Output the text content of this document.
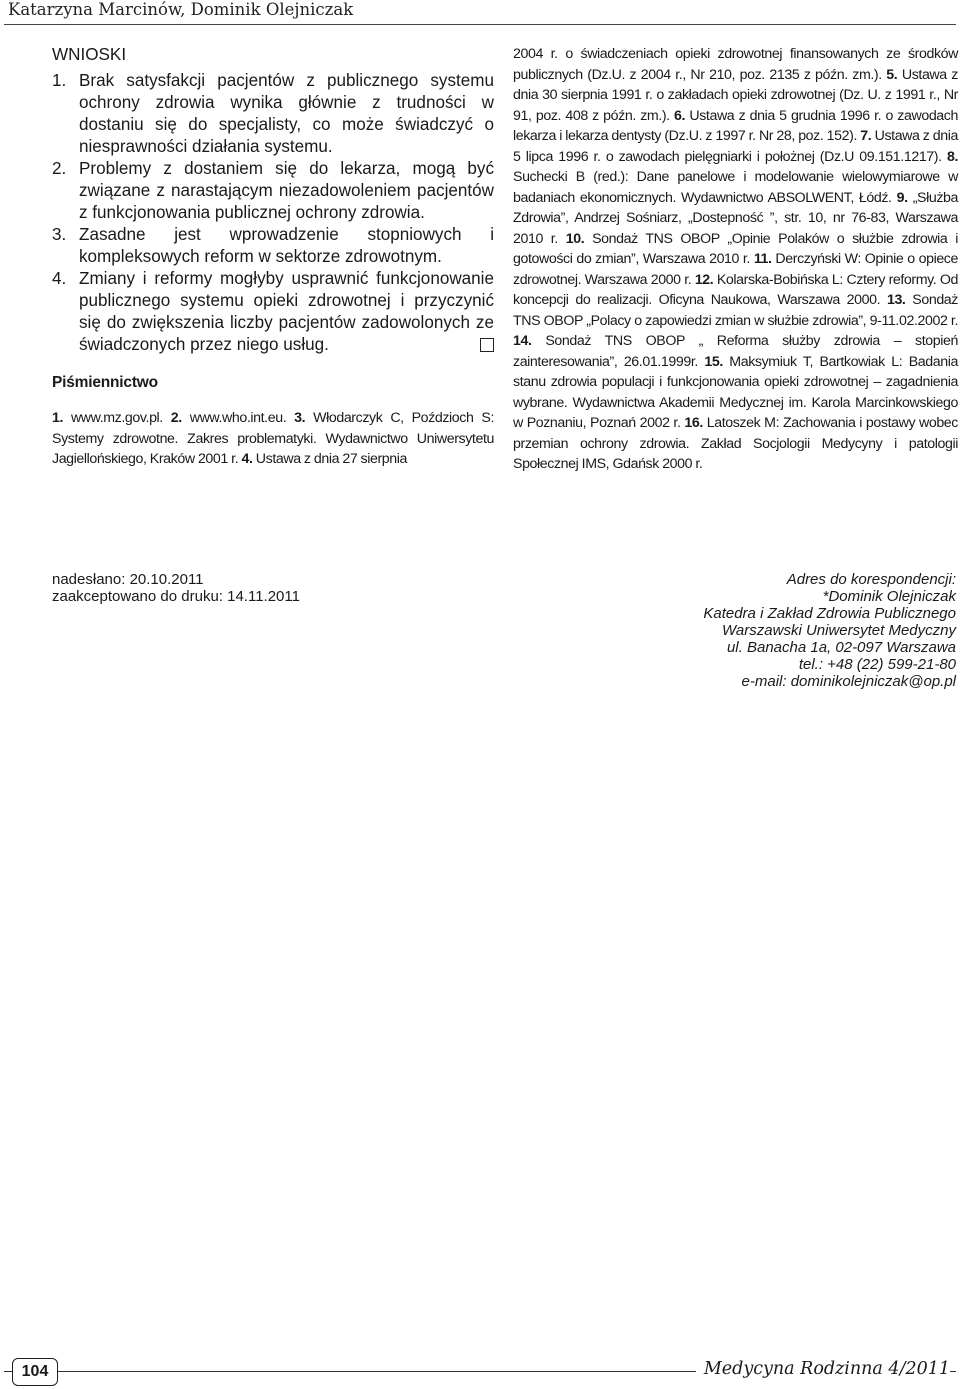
Katarzyna Marcinów, Dominik Olejniczak
WNIOSKI

1. Brak satysfakcji pacjentów z publicznego systemu ochrony zdrowia wynika głównie z trudności w dostaniu się do specjalisty, co może świadczyć o niesprawności działania systemu.

2. Problemy z dostaniem się do lekarza, mogą być związane z narastającym niezadowoleniem pacjentów z funkcjonowania publicznej ochrony zdrowia.

3. Zasadne jest wprowadzenie stopniowych i kompleksowych reform w sektorze zdrowotnym.

4. Zmiany i reformy mogłyby usprawnić funkcjonowanie publicznego systemu opieki zdrowotnej i przyczynić się do zwiększenia liczby pacjentów zadowolonych ze świadczonych przez niego usług.

Piśmiennictwo
1. www.mz.gov.pl. 2. www.who.int.eu. 3. Włodarczyk C, Poździoch S: Systemy zdrowotne. Zakres problematyki. Wydawnictwo Uniwersytetu Jagiellońskiego, Kraków 2001 r. 4. Ustawa z dnia 27 sierpnia
2004 r. o świadczeniach opieki zdrowotnej finansowanych ze środków publicznych (Dz.U. z 2004 r., Nr 210, poz. 2135 z późn. zm.). 5. Ustawa z dnia 30 sierpnia 1991 r. o zakładach opieki zdrowotnej (Dz. U. z 1991 r., Nr 91, poz. 408 z późn. zm.). 6. Ustawa z dnia 5 grudnia 1996 r. o zawodach lekarza i lekarza dentysty (Dz.U. z 1997 r. Nr 28, poz. 152). 7. Ustawa z dnia 5 lipca 1996 r. o zawodach pielęgniarki i położnej (Dz.U 09.151.1217). 8. Suchecki B (red.): Dane panelowe i modelowanie wielowymiarowe w badaniach ekonomicznych. Wydawnictwo ABSOLWENT, Łódź. 9. „Służba Zdrowia”, Andrzej Sośniarz, „Dostepność ”, str. 10, nr 76-83, Warszawa 2010 r. 10. Sondaż TNS OBOP „Opinie Polaków o służbie zdrowia i gotowości do zmian”, Warszawa 2010 r. 11. Derczyński W: Opinie o opiece zdrowotnej. Warszawa 2000 r. 12. Kolarska-Bobińska L: Cztery reformy. Od koncepcji do realizacji. Oficyna Naukowa, Warszawa 2000. 13. Sondaż TNS OBOP „Polacy o zapowiedzi zmian w służbie zdrowia”, 9-11.02.2002 r. 14. Sondaż TNS OBOP „ Reforma służby zdrowia – stopień zainteresowania”, 26.01.1999r. 15. Maksymiuk T, Bartkowiak L: Badania stanu zdrowia populacji i funkcjonowania opieki zdrowotnej – zagadnienia wybrane. Wydawnictwa Akademii Medycznej im. Karola Marcinkowskiego w Poznaniu, Poznań 2002 r. 16. Latoszek M: Zachowania i postawy wobec przemian ochrony zdrowia. Zakład Socjologii Medycyny i patologii Społecznej IMS, Gdańsk 2000 r.
nadesłano: 20.10.2011
zaakceptowano do druku: 14.11.2011
Adres do korespondencji:
*Dominik Olejniczak
Katedra i Zakład Zdrowia Publicznego
Warszawski Uniwersytet Medyczny
ul. Banacha 1a, 02-097 Warszawa
tel.: +48 (22) 599-21-80
e-mail: dominikolejniczak@op.pl
104	Medycyna Rodzinna 4/2011
